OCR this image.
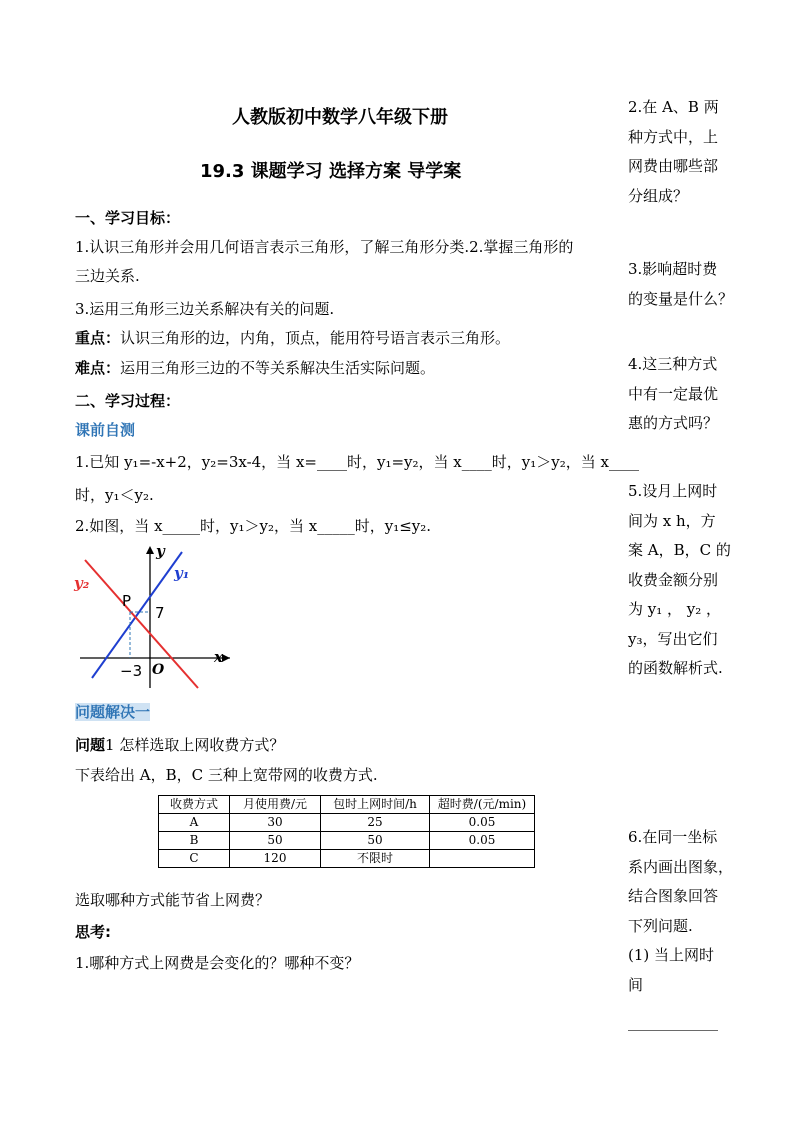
人教版初中数学八年级下册
19.3 课题学习 选择方案 导学案
一、学习目标：
1.认识三角形并会用几何语言表示三角形，了解三角形分类.2.掌握三角形的
三边关系.
3.运用三角形三边关系解决有关的问题.
重点：认识三角形的边，内角，顶点，能用符号语言表示三角形。
难点：运用三角形三边的不等关系解决生活实际问题。
二、学习过程：
课前自测
1.已知 y₁=-x+2，y₂=3x-4，当 x=____时，y₁=y₂，当 x____时，y₁＞y₂，当 x____
时，y₁＜y₂.
2.如图，当 x_____时，y₁＞y₂，当 x_____时，y₁≤y₂.
y₂
y₁
y
x
P
7
−3 O
问题解决一
问题1 怎样选取上网收费方式？
下表给出 A，B，C 三种上宽带网的收费方式.
收费方式	月使用费/元	包时上网时间/h	超时费/(元/min)
A	30	25	0.05
B	50	50	0.05
C	120	不限时	
选取哪种方式能节省上网费？
思考:
1.哪种方式上网费是会变化的？哪种不变？
2.在 A、B 两
种方式中，上
网费由哪些部
分组成？
3.影响超时费
的变量是什么？
4.这三种方式
中有一定最优
惠的方式吗？
5.设月上网时
间为 x h，方
案 A，B，C 的
收费金额分别
为 y₁ ， y₂ ，
y₃，写出它们
的函数解析式.
6.在同一坐标
系内画出图象，
结合图象回答
下列问题.
(1) 当上网时
间
____________
